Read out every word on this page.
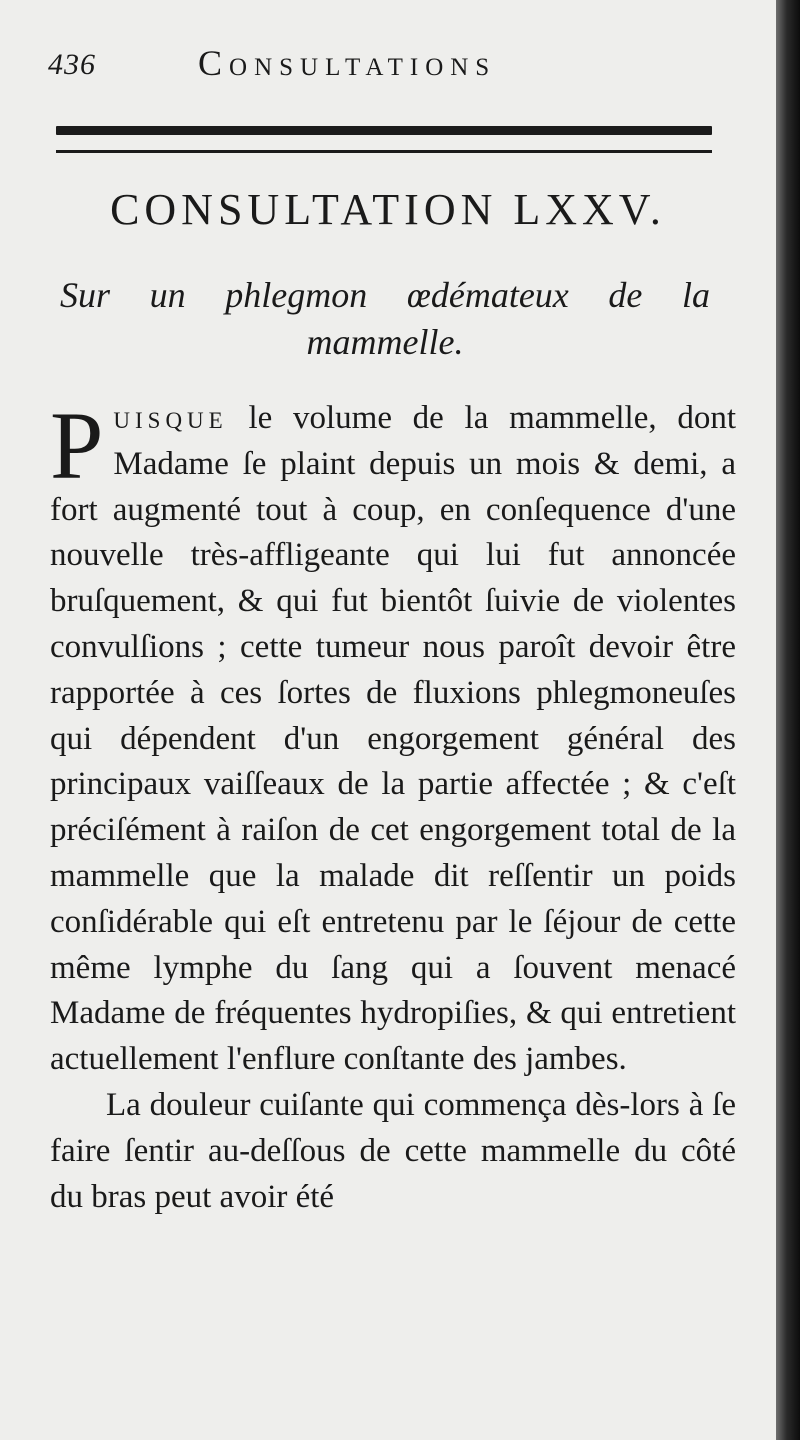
436	Consultations
CONSULTATION LXXV.
Sur un phlegmon œdémateux de la mammelle.

Puisque le volume de la mammelle, dont Madame ſe plaint depuis un mois & demi, a fort augmenté tout à coup, en conſequence d'une nouvelle très-affligeante qui lui fut annoncée bruſquement, & qui fut bientôt ſuivie de violentes convulſions ; cette tumeur nous paroît devoir être rapportée à ces ſortes de fluxions phlegmoneuſes qui dépendent d'un engorgement général des principaux vaiſſeaux de la partie affectée ; & c'eſt préciſément à raiſon de cet engorgement total de la mammelle que la malade dit reſſentir un poids conſidérable qui eſt entretenu par le ſéjour de cette même lymphe du ſang qui a ſouvent menacé Madame de fréquentes hydropiſies, & qui entretient actuellement l'enflure conſtante des jambes.

La douleur cuiſante qui commença dès-lors à ſe faire ſentir au-deſſous de cette mammelle du côté du bras peut avoir été
